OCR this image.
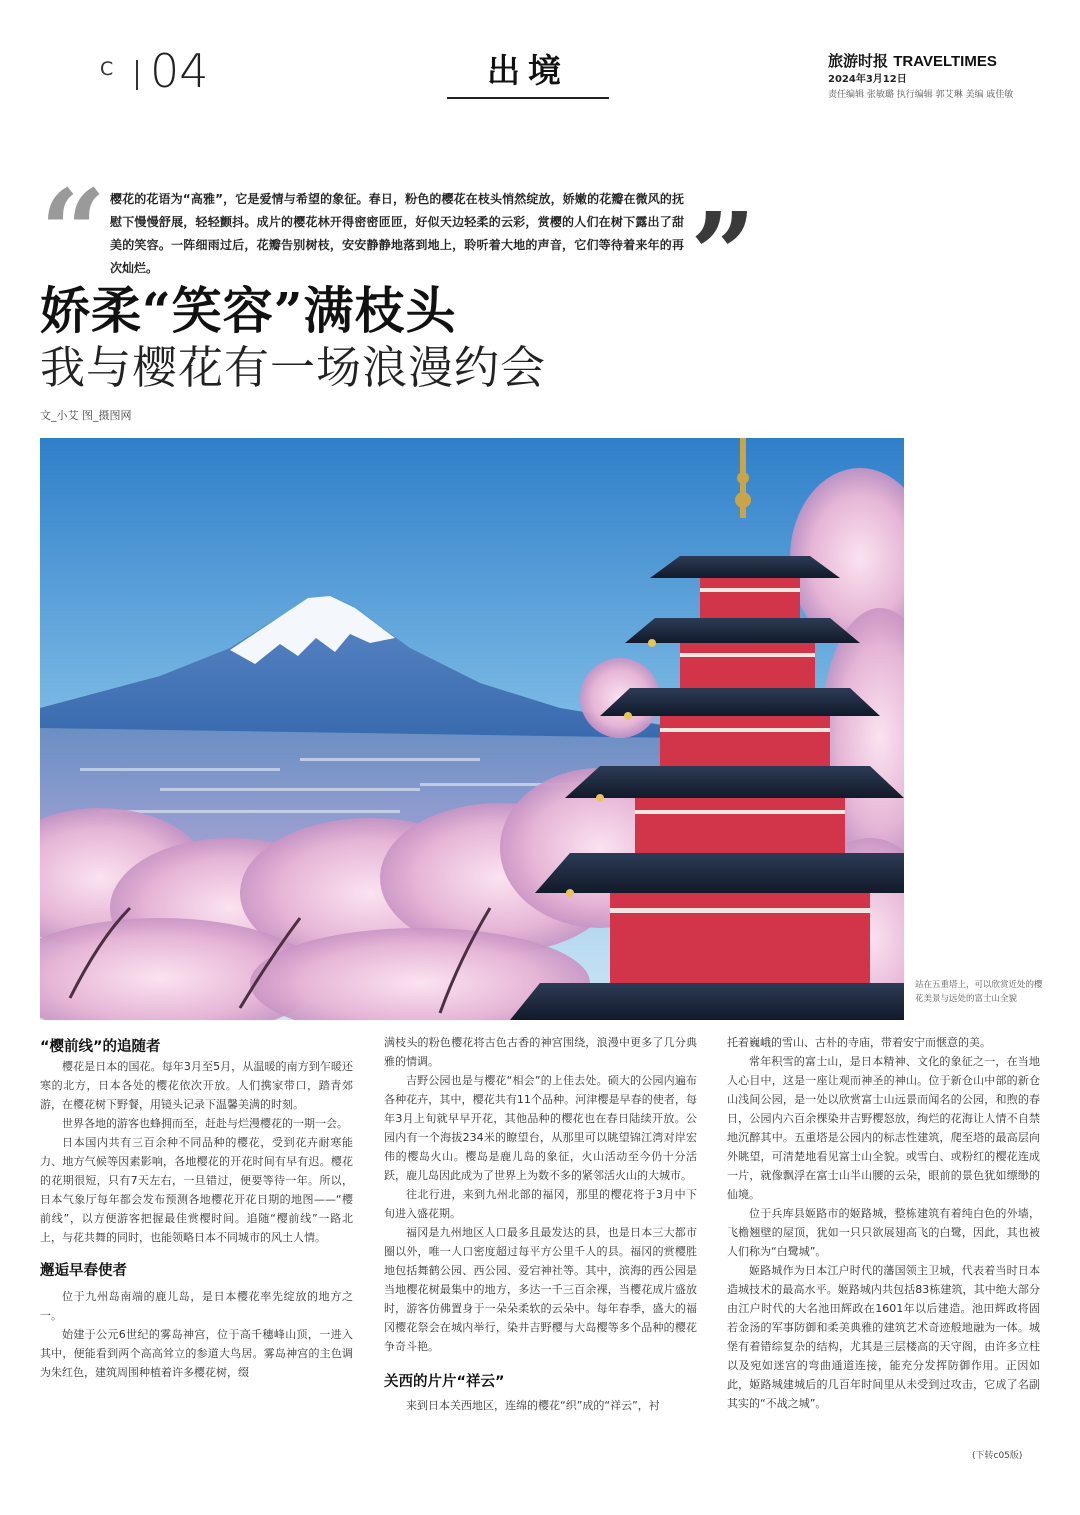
C 04	出境	旅游时报 TRAVELTIMES
2024年3月12日
责任编辑 张敏璐 执行编辑 郭艾琳 美编 戚佳敏
“ 樱花的花语为“高雅”，它是爱情与希望的象征。春日，粉色的樱花在枝头悄然绽放，娇嫩的花瓣在微风的抚慰下慢慢舒展，轻轻颤抖。成片的樱花林开得密密匝匝，好似天边轻柔的云彩，赏樱的人们在树下露出了甜美的笑容。一阵细雨过后，花瓣告别树枝，安安静静地落到地上，聆听着大地的声音，它们等待着来年的再次灿烂。	”
娇柔“笑容”满枝头
我与樱花有一场浪漫约会
文_小艾 图_摄图网
站在五重塔上，可以欣赏近处的樱花美景与远处的富士山全貌
“樱前线”的追随者

樱花是日本的国花。每年3月至5月，从温暖的南方到乍暖还寒的北方，日本各处的樱花依次开放。人们携家带口，踏青郊游，在樱花树下野餐，用镜头记录下温馨美满的时刻。

世界各地的游客也蜂拥而至，赶赴与烂漫樱花的一期一会。

日本国内共有三百余种不同品种的樱花，受到花卉耐寒能力、地方气候等因素影响，各地樱花的开花时间有早有迟。樱花的花期很短，只有7天左右，一旦错过，便要等待一年。所以，日本气象厅每年都会发布预测各地樱花开花日期的地图——“樱前线”，以方便游客把握最佳赏樱时间。追随“樱前线”一路北上，与花共舞的同时，也能领略日本不同城市的风土人情。

邂逅早春使者

位于九州岛南端的鹿儿岛，是日本樱花率先绽放的地方之一。

始建于公元6世纪的雾岛神宫，位于高千穗峰山顶，一进入其中，便能看到两个高高耸立的参道大鸟居。雾岛神宫的主色调为朱红色，建筑周围种植着许多樱花树，缀

满枝头的粉色樱花将古色古香的神宫围绕，浪漫中更多了几分典雅的情调。

吉野公园也是与樱花“相会”的上佳去处。硕大的公园内遍布各种花卉，其中，樱花共有11个品种。河津樱是早春的使者，每年3月上旬就早早开花，其他品种的樱花也在春日陆续开放。公园内有一个海拔234米的瞭望台，从那里可以眺望锦江湾对岸宏伟的樱岛火山。樱岛是鹿儿岛的象征，火山活动至今仍十分活跃，鹿儿岛因此成为了世界上为数不多的紧邻活火山的大城市。

往北行进，来到九州北部的福冈，那里的樱花将于3月中下旬进入盛花期。

福冈是九州地区人口最多且最发达的县，也是日本三大都市圈以外，唯一人口密度超过每平方公里千人的县。福冈的赏樱胜地包括舞鹤公园、西公园、爱宕神社等。其中，滨海的西公园是当地樱花树最集中的地方，多达一千三百余裸，当樱花成片盛放时，游客仿佛置身于一朵朵柔软的云朵中。每年春季，盛大的福冈樱花祭会在城内举行，染井吉野樱与大岛樱等多个品种的樱花争奇斗艳。

关西的片片“祥云”

来到日本关西地区，连绵的樱花“织”成的“祥云”，衬

托着巍峨的雪山、古朴的寺庙，带着安宁而惬意的美。

常年积雪的富士山，是日本精神、文化的象征之一，在当地人心目中，这是一座让观而神圣的神山。位于新仓山中部的新仓山浅间公园，是一处以欣赏富士山远景而闻名的公园，和煦的春日，公园内六百余棵染井吉野樱怒放，绚烂的花海让人情不自禁地沉醉其中。五重塔是公园内的标志性建筑，爬至塔的最高层向外眺望，可清楚地看见富士山全貌。或雪白、或粉红的樱花连成一片，就像飘浮在富士山半山腰的云朵，眼前的景色犹如缥缈的仙境。

位于兵库县姬路市的姬路城，整栋建筑有着纯白色的外墙，飞檐翘壁的屋顶，犹如一只只欲展翅高飞的白鹭，因此，其也被人们称为“白鹭城”。

姬路城作为日本江户时代的藩国领主卫城，代表着当时日本造城技术的最高水平。姬路城内共包括83栋建筑，其中绝大部分由江户时代的大名池田辉政在1601年以后建造。池田辉政将固若金汤的军事防御和柔美典雅的建筑艺术奇迹般地融为一体。城堡有着错综复杂的结构，尤其是三层楼高的天守阁，由许多立柱以及宛如迷宫的弯曲通道连接，能充分发挥防御作用。正因如此，姬路城建城后的几百年时间里从未受到过攻击，它成了名副其实的“不战之城”。

(下转c05版)
